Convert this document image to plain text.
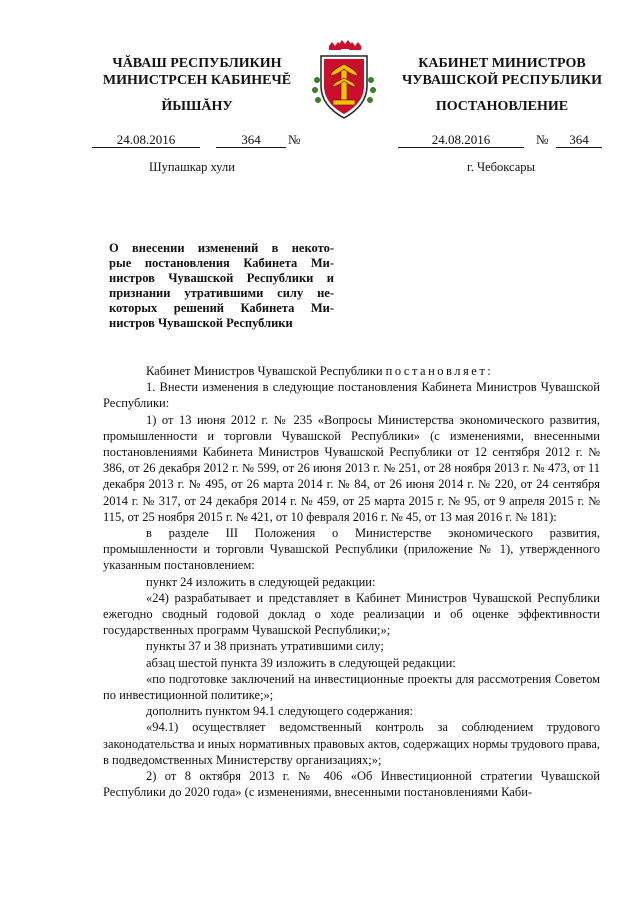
ЧĂВАШ РЕСПУБЛИКИН
МИНИСТРСЕН КАБИНЕЧĔ
ЙЫШĂНУ
КАБИНЕТ МИНИСТРОВ
ЧУВАШСКОЙ РЕСПУБЛИКИ
ПОСТАНОВЛЕНИЕ
24.08.2016	364	№	24.08.2016	№	364
Шупашкар хули	г. Чебоксары
О внесении изменений в некото-
рые постановления Кабинета Ми-
нистров Чувашской Республики и
признании утратившими силу не-
которых решений Кабинета Ми-
нистров Чувашской Республики

Кабинет Министров Чувашской Республики постановляет:

1. Внести изменения в следующие постановления Кабинета Министров Чувашской Республики:

1) от 13 июня 2012 г. № 235 «Вопросы Министерства экономического развития, промышленности и торговли Чувашской Республики» (с изменениями, внесенными постановлениями Кабинета Министров Чувашской Республики от 12 сентября 2012 г. № 386, от 26 декабря 2012 г. № 599, от 26 июня 2013 г. № 251, от 28 ноября 2013 г. № 473, от 11 декабря 2013 г. № 495, от 26 марта 2014 г. № 84, от 26 июня 2014 г. № 220, от 24 сентября 2014 г. № 317, от 24 декабря 2014 г. № 459, от 25 марта 2015 г. № 95, от 9 апреля 2015 г. № 115, от 25 ноября 2015 г. № 421, от 10 февраля 2016 г. № 45, от 13 мая 2016 г. № 181):

в разделе III Положения о Министерстве экономического развития, промышленности и торговли Чувашской Республики (приложение № 1), утвержденного указанным постановлением:

пункт 24 изложить в следующей редакции:

«24) разрабатывает и представляет в Кабинет Министров Чувашской Республики ежегодно сводный годовой доклад о ходе реализации и об оценке эффективности государственных программ Чувашской Республики;»;

пункты 37 и 38 признать утратившими силу;

абзац шестой пункта 39 изложить в следующей редакции:

«по подготовке заключений на инвестиционные проекты для рассмотрения Советом по инвестиционной политике;»;

дополнить пунктом 94.1 следующего содержания:

«94.1) осуществляет ведомственный контроль за соблюдением трудового законодательства и иных нормативных правовых актов, содержащих нормы трудового права, в подведомственных Министерству организациях;»;

2) от 8 октября 2013 г. № 406 «Об Инвестиционной стратегии Чувашской Республики до 2020 года» (с изменениями, внесенными постановлениями Каби-
